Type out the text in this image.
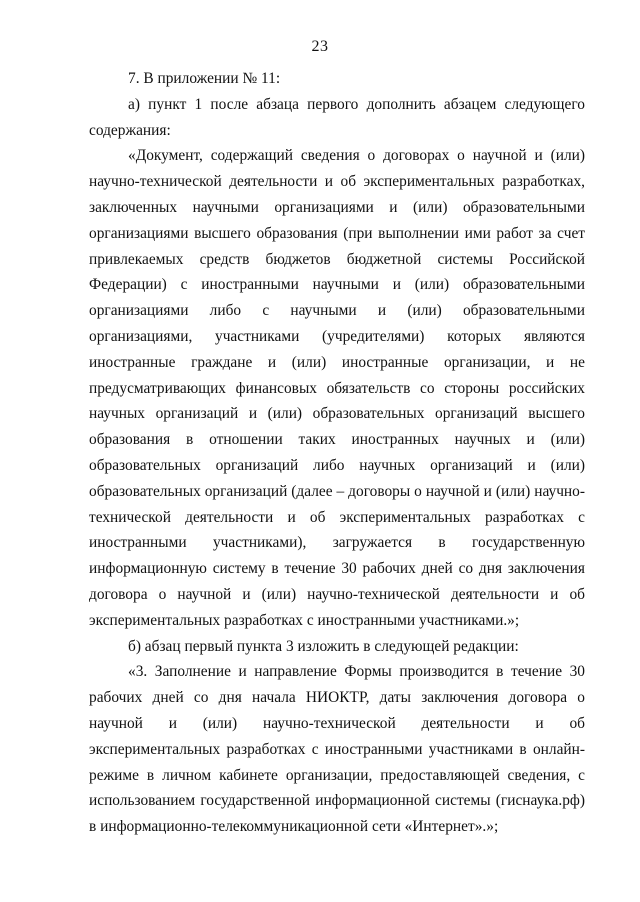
23

7. В приложении № 11:

а) пункт 1 после абзаца первого дополнить абзацем следующего содержания:

«Документ, содержащий сведения о договорах о научной и (или) научно-технической деятельности и об экспериментальных разработках, заключенных научными организациями и (или) образовательными организациями высшего образования (при выполнении ими работ за счет привлекаемых средств бюджетов бюджетной системы Российской Федерации) с иностранными научными и (или) образовательными организациями либо с научными и (или) образовательными организациями, участниками (учредителями) которых являются иностранные граждане и (или) иностранные организации, и не предусматривающих финансовых обязательств со стороны российских научных организаций и (или) образовательных организаций высшего образования в отношении таких иностранных научных и (или) образовательных организаций либо научных организаций и (или) образовательных организаций (далее – договоры о научной и (или) научно-технической деятельности и об экспериментальных разработках с иностранными участниками), загружается в государственную информационную систему в течение 30 рабочих дней со дня заключения договора о научной и (или) научно-технической деятельности и об экспериментальных разработках с иностранными участниками.»;

б) абзац первый пункта 3 изложить в следующей редакции:

«3. Заполнение и направление Формы производится в течение 30 рабочих дней со дня начала НИОКТР, даты заключения договора о научной и (или) научно-технической деятельности и об экспериментальных разработках с иностранными участниками в онлайн-режиме в личном кабинете организации, предоставляющей сведения, с использованием государственной информационной системы (гиснаука.рф) в информационно-телекоммуникационной сети «Интернет».»;
